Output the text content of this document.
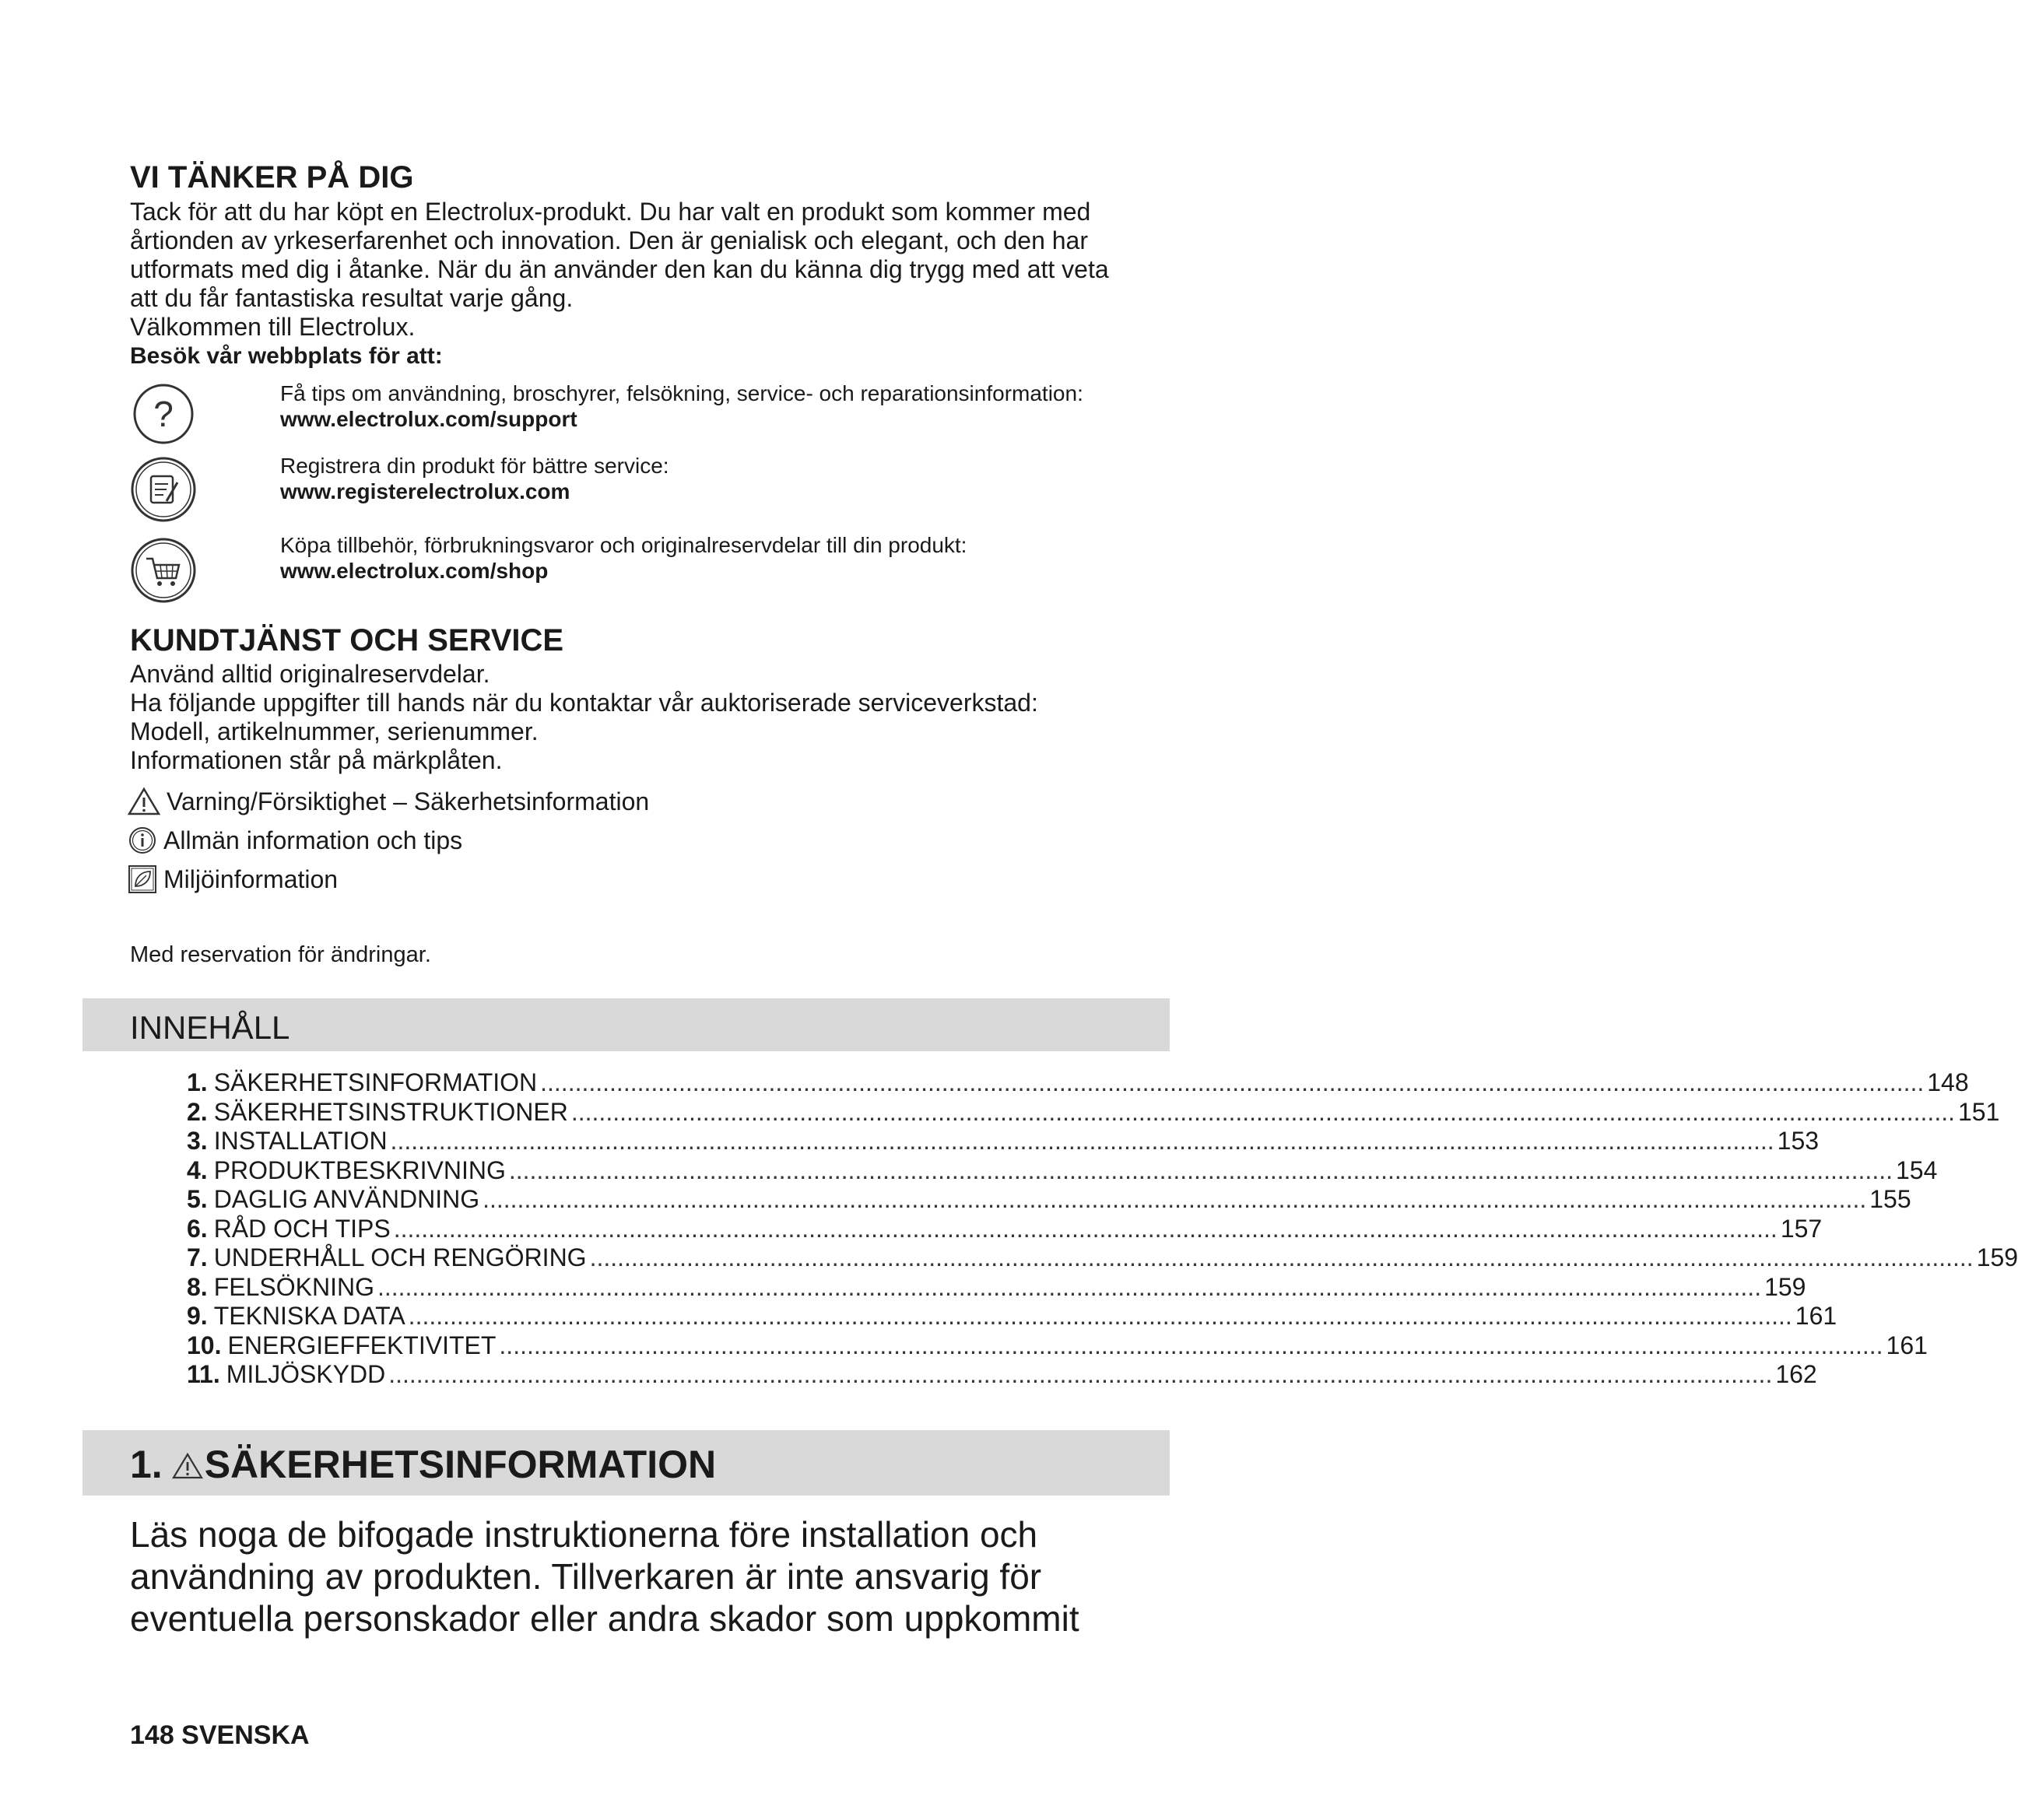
VI TÄNKER PÅ DIG
Tack för att du har köpt en Electrolux-produkt. Du har valt en produkt som kommer med
årtionden av yrkeserfarenhet och innovation. Den är genialisk och elegant, och den har
utformats med dig i åtanke. När du än använder den kan du känna dig trygg med att veta
att du får fantastiska resultat varje gång.
Välkommen till Electrolux.
Besök vår webbplats för att:
?
Få tips om användning, broschyrer, felsökning, service- och reparationsinformation:
www.electrolux.com/support
Registrera din produkt för bättre service:
www.registerelectrolux.com
Köpa tillbehör, förbrukningsvaror och originalreservdelar till din produkt:
www.electrolux.com/shop
KUNDTJÄNST OCH SERVICE
Använd alltid originalreservdelar.
Ha följande uppgifter till hands när du kontaktar vår auktoriserade serviceverkstad:
Modell, artikelnummer, serienummer.
Informationen står på märkplåten.
Varning/Försiktighet – Säkerhetsinformation
Allmän information och tips
Miljöinformation
Med reservation för ändringar.
INNEHÅLL
1. SÄKERHETSINFORMATION ........................................................................................................................................................................................................ 148
2. SÄKERHETSINSTRUKTIONER ........................................................................................................................................................................................................ 151
3. INSTALLATION ........................................................................................................................................................................................................ 153
4. PRODUKTBESKRIVNING ........................................................................................................................................................................................................ 154
5. DAGLIG ANVÄNDNING ........................................................................................................................................................................................................ 155
6. RÅD OCH TIPS ........................................................................................................................................................................................................ 157
7. UNDERHÅLL OCH RENGÖRING ........................................................................................................................................................................................................ 159
8. FELSÖKNING ........................................................................................................................................................................................................ 159
9. TEKNISKA DATA ........................................................................................................................................................................................................ 161
10. ENERGIEFFEKTIVITET ........................................................................................................................................................................................................ 161
11. MILJÖSKYDD ........................................................................................................................................................................................................ 162
1. SÄKERHETSINFORMATION
Läs noga de bifogade instruktionerna före installation och
användning av produkten. Tillverkaren är inte ansvarig för
eventuella personskador eller andra skador som uppkommit
148 SVENSKA
